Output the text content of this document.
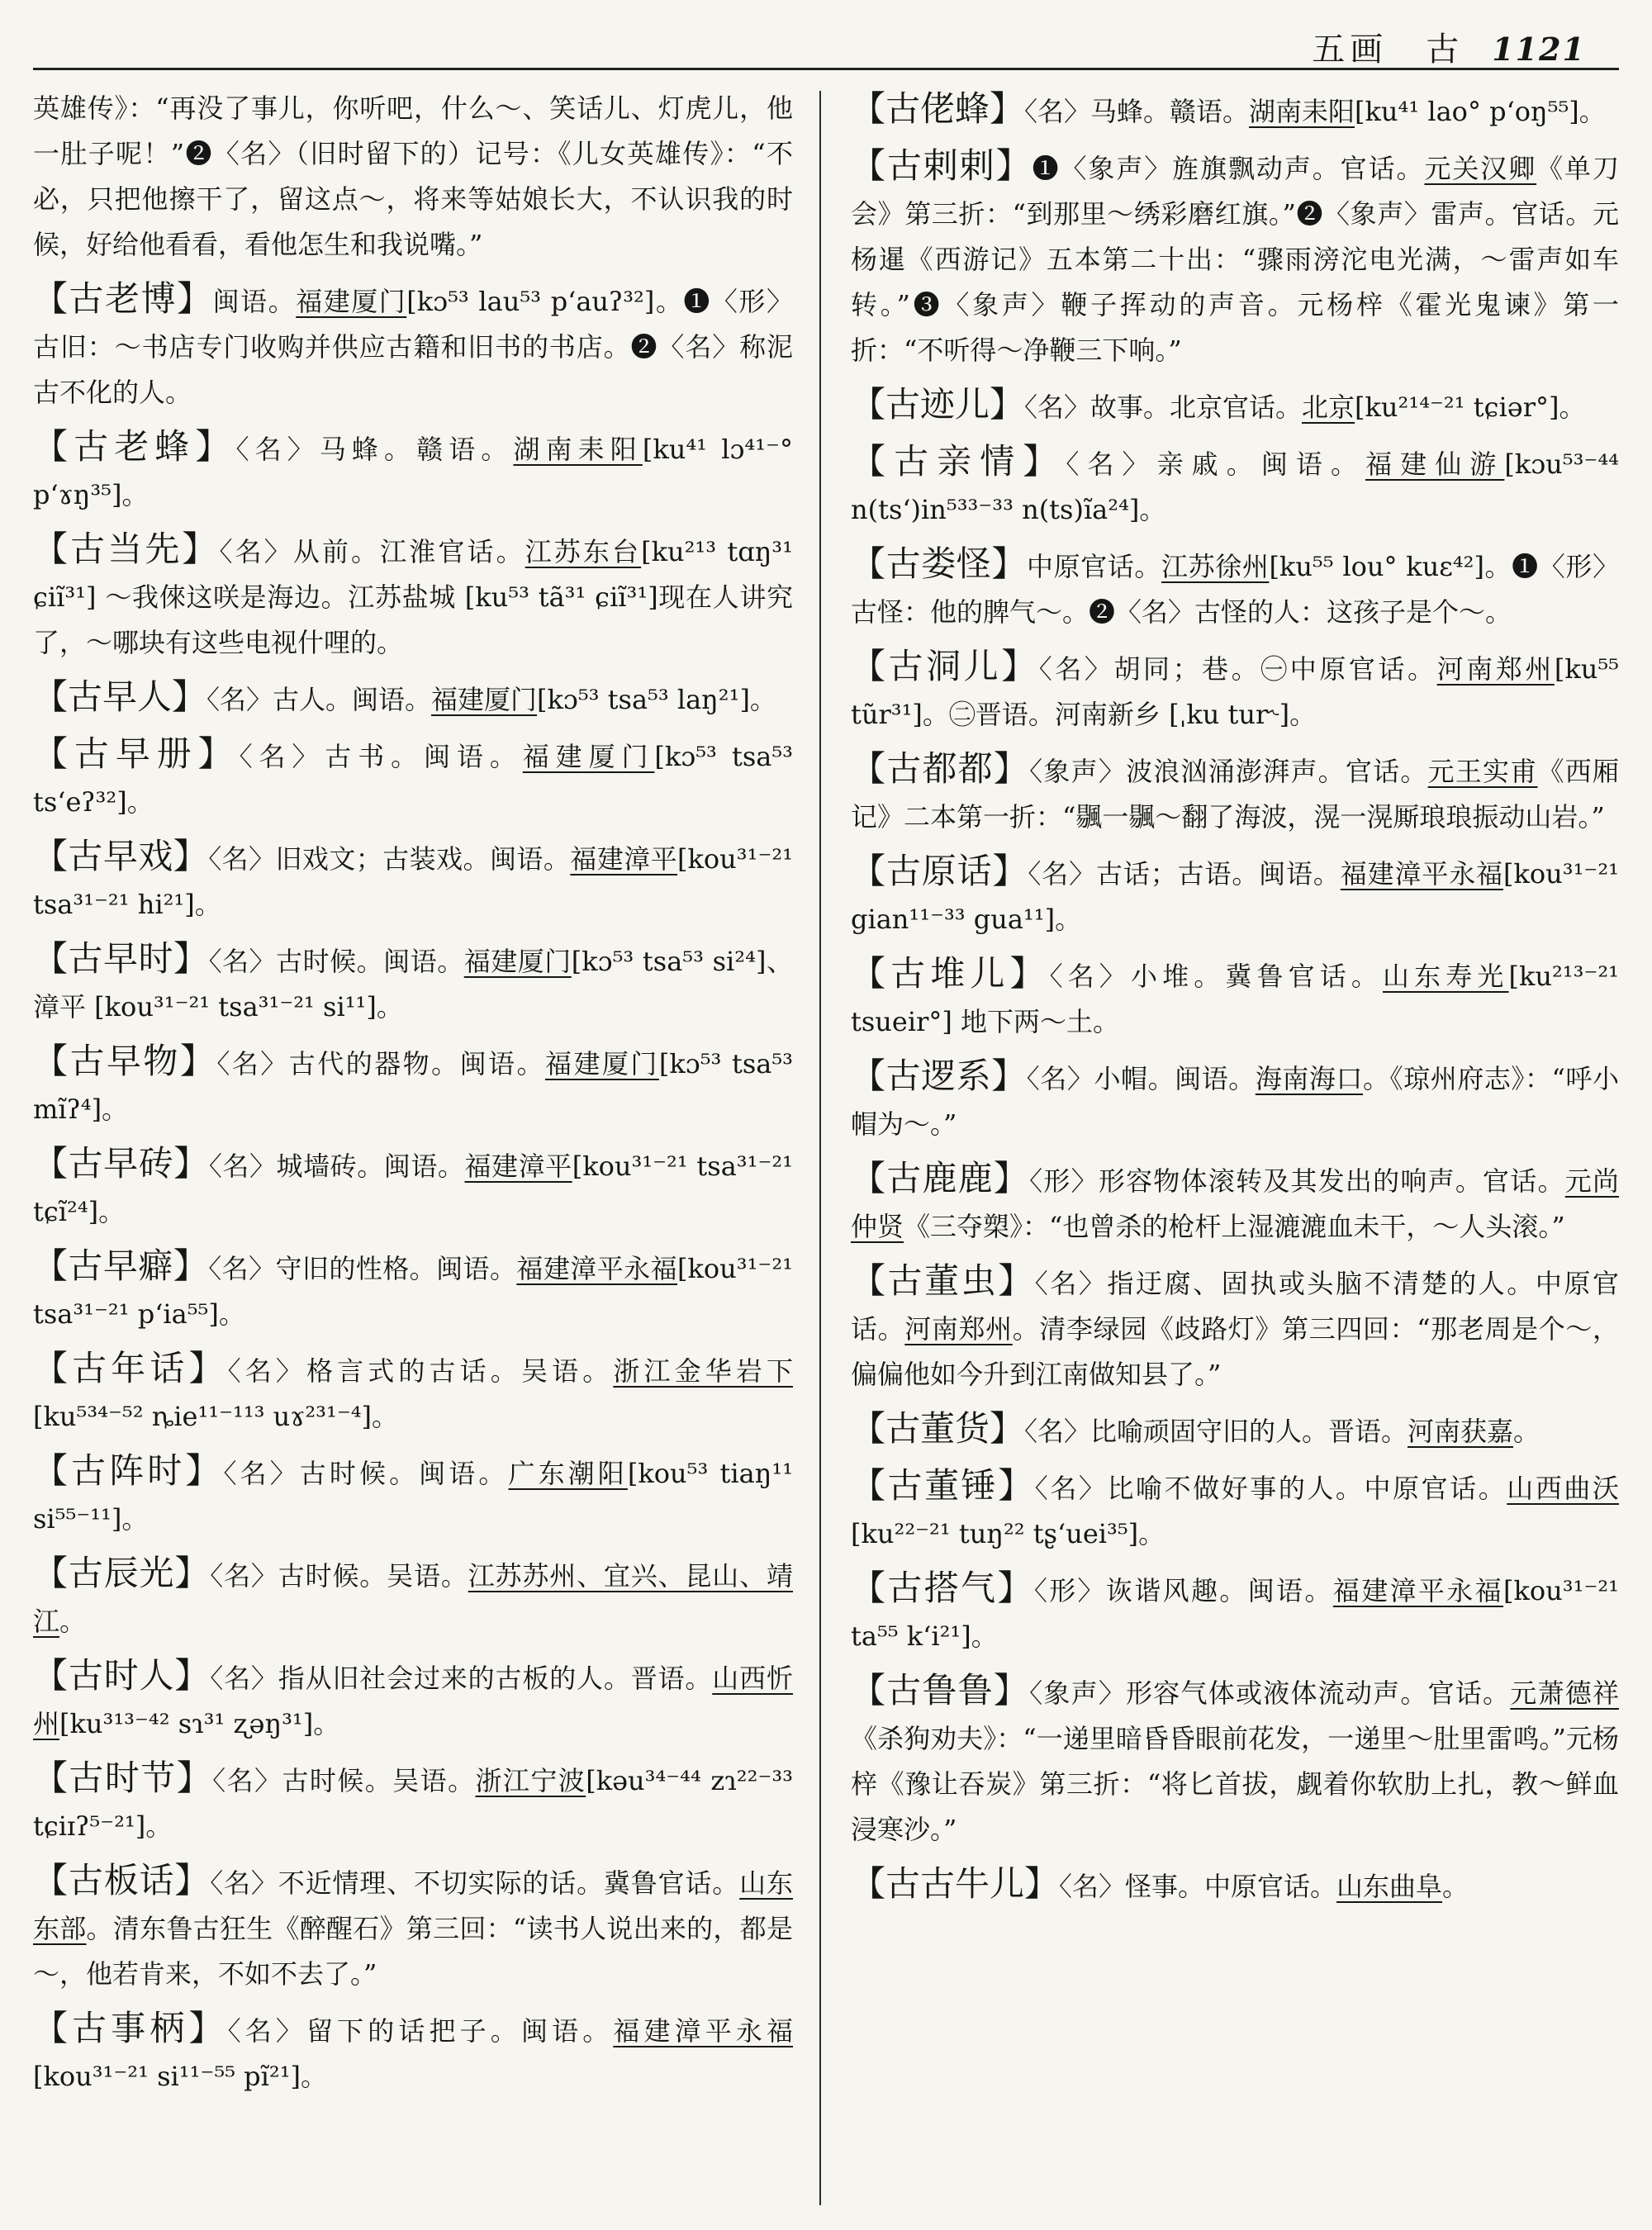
五画　古 1121
英雄传》：“再没了事儿，你听吧，什么～、笑话儿、灯虎儿，他一肚子呢！”❷〈名〉（旧时留下的）记号：《儿女英雄传》：“不必，只把他擦干了，留这点～，将来等姑娘长大，不认识我的时候，好给他看看，看他怎生和我说嘴。”
【古老博】闽语。福建厦门[kɔ⁵³ lau⁵³ pʻauʔ³²]。❶〈形〉古旧：～书店专门收购并供应古籍和旧书的书店。❷〈名〉称泥古不化的人。
【古老蜂】〈名〉马蜂。赣语。湖南耒阳[ku⁴¹ lɔ⁴¹⁻° pʻɤŋ³⁵]。
【古当先】〈名〉从前。江淮官话。江苏东台[ku²¹³ tɑŋ³¹ ɕiĩ³¹] ～我倈这咲是海边。江苏盐城 [ku⁵³ tã³¹ ɕiĩ³¹]现在人讲究了，～哪块有这些电视什哩的。
【古早人】〈名〉古人。闽语。福建厦门[kɔ⁵³ tsa⁵³ laŋ²¹]。
【古早册】〈名〉古书。闽语。福建厦门[kɔ⁵³ tsa⁵³ tsʻeʔ³²]。
【古早戏】〈名〉旧戏文；古装戏。闽语。福建漳平[kou³¹⁻²¹ tsa³¹⁻²¹ hi²¹]。
【古早时】〈名〉古时候。闽语。福建厦门[kɔ⁵³ tsa⁵³ si²⁴]、漳平 [kou³¹⁻²¹ tsa³¹⁻²¹ si¹¹]。
【古早物】〈名〉古代的器物。闽语。福建厦门[kɔ⁵³ tsa⁵³ mĩʔ⁴]。
【古早砖】〈名〉城墙砖。闽语。福建漳平[kou³¹⁻²¹ tsa³¹⁻²¹ tɕĩ²⁴]。
【古早癖】〈名〉守旧的性格。闽语。福建漳平永福[kou³¹⁻²¹ tsa³¹⁻²¹ pʻia⁵⁵]。
【古年话】〈名〉格言式的古话。吴语。浙江金华岩下[ku⁵³⁴⁻⁵² ȵie¹¹⁻¹¹³ uɤ²³¹⁻⁴]。
【古阵时】〈名〉古时候。闽语。广东潮阳[kou⁵³ tiaŋ¹¹ si⁵⁵⁻¹¹]。
【古辰光】〈名〉古时候。吴语。江苏苏州、宜兴、昆山、靖江。
【古时人】〈名〉指从旧社会过来的古板的人。晋语。山西忻州[ku³¹³⁻⁴² sɿ³¹ ʐəŋ³¹]。
【古时节】〈名〉古时候。吴语。浙江宁波[kəu³⁴⁻⁴⁴ zɿ²²⁻³³ tɕiɪʔ⁵⁻²¹]。
【古板话】〈名〉不近情理、不切实际的话。冀鲁官话。山东东部。清东鲁古狂生《醉醒石》第三回：“读书人说出来的，都是～，他若肯来，不如不去了。”
【古事柄】〈名〉留下的话把子。闽语。福建漳平永福[kou³¹⁻²¹ si¹¹⁻⁵⁵ pĩ²¹]。
【古佬蜂】〈名〉马蜂。赣语。湖南耒阳[ku⁴¹ lao° pʻoŋ⁵⁵]。
【古剌剌】❶〈象声〉旌旗飘动声。官话。元关汉卿《单刀会》第三折：“到那里～绣彩磨红旗。”❷〈象声〉雷声。官话。元杨暹《西游记》五本第二十出：“骤雨滂沱电光满，～雷声如车转。”❸〈象声〉鞭子挥动的声音。元杨梓《霍光鬼谏》第一折：“不听得～净鞭三下响。”
【古迹儿】〈名〉故事。北京官话。北京[ku²¹⁴⁻²¹ tɕiər°]。
【古亲情】〈名〉亲戚。闽语。福建仙游[kɔu⁵³⁻⁴⁴ n(tsʻ)in⁵³³⁻³³ n(ts)ĩa²⁴]。
【古娄怪】中原官话。江苏徐州[ku⁵⁵ lou° kuɛ⁴²]。❶〈形〉古怪：他的脾气～。❷〈名〉古怪的人：这孩子是个～。
【古洞儿】〈名〉胡同；巷。㊀中原官话。河南郑州[ku⁵⁵ tũr³¹]。㊁晋语。河南新乡 [ˌku tur˞]。
【古都都】〈象声〉波浪汹涌澎湃声。官话。元王实甫《西厢记》二本第一折：“䬗一䬗～翻了海波，滉一滉厮琅琅振动山岩。”
【古原话】〈名〉古话；古语。闽语。福建漳平永福[kou³¹⁻²¹ gian¹¹⁻³³ gua¹¹]。
【古堆儿】〈名〉小堆。冀鲁官话。山东寿光[ku²¹³⁻²¹ tsueir°] 地下两～土。
【古逻系】〈名〉小帽。闽语。海南海口。《琼州府志》：“呼小帽为～。”
【古鹿鹿】〈形〉形容物体滚转及其发出的响声。官话。元尚仲贤《三夺槊》：“也曾杀的枪杆上湿漉漉血未干，～人头滚。”
【古董虫】〈名〉指迂腐、固执或头脑不清楚的人。中原官话。河南郑州。清李绿园《歧路灯》第三四回：“那老周是个～，偏偏他如今升到江南做知县了。”
【古董货】〈名〉比喻顽固守旧的人。晋语。河南获嘉。
【古董锤】〈名〉比喻不做好事的人。中原官话。山西曲沃[ku²²⁻²¹ tuŋ²² tʂʻuei³⁵]。
【古搭气】〈形〉诙谐风趣。闽语。福建漳平永福[kou³¹⁻²¹ ta⁵⁵ kʻi²¹]。
【古鲁鲁】〈象声〉形容气体或液体流动声。官话。元萧德祥《杀狗劝夫》：“一递里暗昏昏眼前花发，一递里～肚里雷鸣。”元杨梓《豫让吞炭》第三折：“将匕首拔，觑着你软肋上扎，教～鲜血浸寒沙。”
【古古牛儿】〈名〉怪事。中原官话。山东曲阜。
